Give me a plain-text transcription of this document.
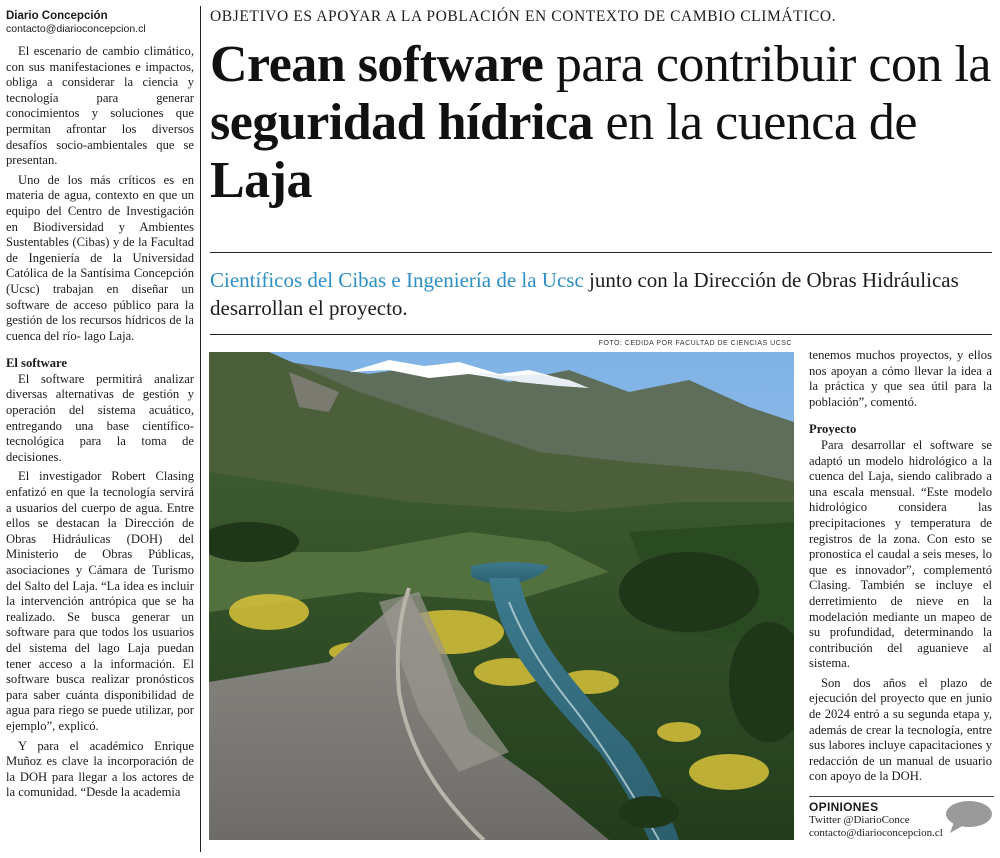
Diario Concepción
contacto@diarioconcepcion.cl

El escenario de cambio climático, con sus manifestaciones e impactos, obliga a considerar la ciencia y tecnología para generar conocimientos y soluciones que permitan afrontar los diversos desafíos socio-ambientales que se presentan.

Uno de los más críticos es en materia de agua, contexto en que un equipo del Centro de Investigación en Biodiversidad y Ambientes Sustentables (Cibas) y de la Facultad de Ingeniería de la Universidad Católica de la Santísima Concepción (Ucsc) trabajan en diseñar un software de acceso público para la gestión de los recursos hídricos de la cuenca del río- lago Laja.

El software

El software permitirá analizar diversas alternativas de gestión y operación del sistema acuático, entregando una base científico-tecnológica para la toma de decisiones.

El investigador Robert Clasing enfatizó en que la tecnología servirá a usuarios del cuerpo de agua. Entre ellos se destacan la Dirección de Obras Hidráulicas (DOH) del Ministerio de Obras Públicas, asociaciones y Cámara de Turismo del Salto del Laja. “La idea es incluir la intervención antrópica que se ha realizado. Se busca generar un software para que todos los usuarios del sistema del lago Laja puedan tener acceso a la información. El software busca realizar pronósticos para saber cuánta disponibilidad de agua para riego se puede utilizar, por ejemplo”, explicó.

Y para el académico Enrique Muñoz es clave la incorporación de la DOH para llegar a los actores de la comunidad. “Desde la academia

OBJETIVO ES APOYAR A LA POBLACIÓN EN CONTEXTO DE CAMBIO CLIMÁTICO.
Crean software para contribuir con la seguridad hídrica en la cuenca de Laja
Científicos del Cibas e Ingeniería de la Ucsc junto con la Dirección de Obras Hidráulicas desarrollan el proyecto.
FOTO: CEDIDA POR FACULTAD DE CIENCIAS UCSC

tenemos muchos proyectos, y ellos nos apoyan a cómo llevar la idea a la práctica y que sea útil para la población”, comentó.

Proyecto

Para desarrollar el software se adaptó un modelo hidrológico a la cuenca del Laja, siendo calibrado a una escala mensual. “Este modelo hidrológico considera las precipitaciones y temperatura de registros de la zona. Con esto se pronostica el caudal a seis meses, lo que es innovador”, complementó Clasing. También se incluye el derretimiento de nieve en la modelación mediante un mapeo de su profundidad, determinando la contribución del aguanieve al sistema.

Son dos años el plazo de ejecución del proyecto que en junio de 2024 entró a su segunda etapa y, además de crear la tecnología, entre sus labores incluye capacitaciones y redacción de un manual de usuario con apoyo de la DOH.

OPINIONES
Twitter @DiarioConce
contacto@diarioconcepcion.cl
